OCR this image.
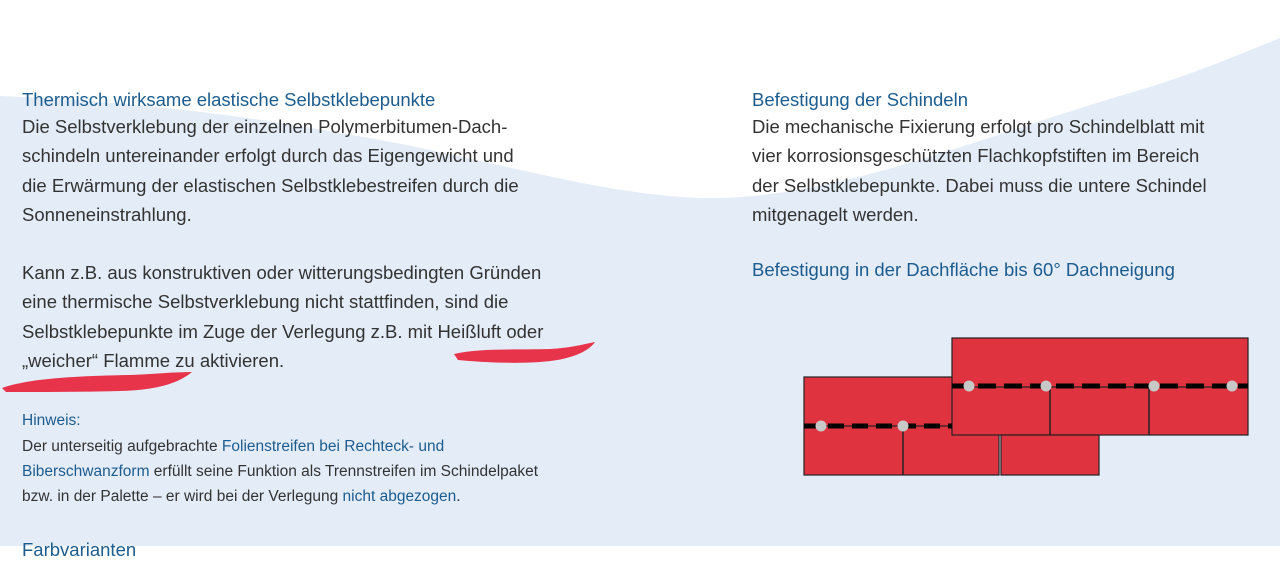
Thermisch wirksame elastische Selbstklebepunkte

Die Selbstverklebung der einzelnen Polymerbitumen-Dach-
schindeln untereinander erfolgt durch das Eigengewicht und
die Erwärmung der elastischen Selbstklebestreifen durch die
Sonneneinstrahlung.

Kann z.B. aus konstruktiven oder witterungsbedingten Gründen
eine thermische Selbstverklebung nicht stattfinden, sind die
Selbstklebepunkte im Zuge der Verlegung z.B. mit Heißluft oder
„weicher“ Flamme zu aktivieren.

Hinweis:

Der unterseitig aufgebrachte Folienstreifen bei Rechteck- und
Biberschwanzform erfüllt seine Funktion als Trennstreifen im Schindelpaket
bzw. in der Palette – er wird bei der Verlegung nicht abgezogen.

Farbvarianten

Befestigung der Schindeln

Die mechanische Fixierung erfolgt pro Schindelblatt mit
vier korrosionsgeschützten Flachkopfstiften im Bereich
der Selbstklebepunkte. Dabei muss die untere Schindel
mitgenagelt werden.

Befestigung in der Dachfläche bis 60° Dachneigung
